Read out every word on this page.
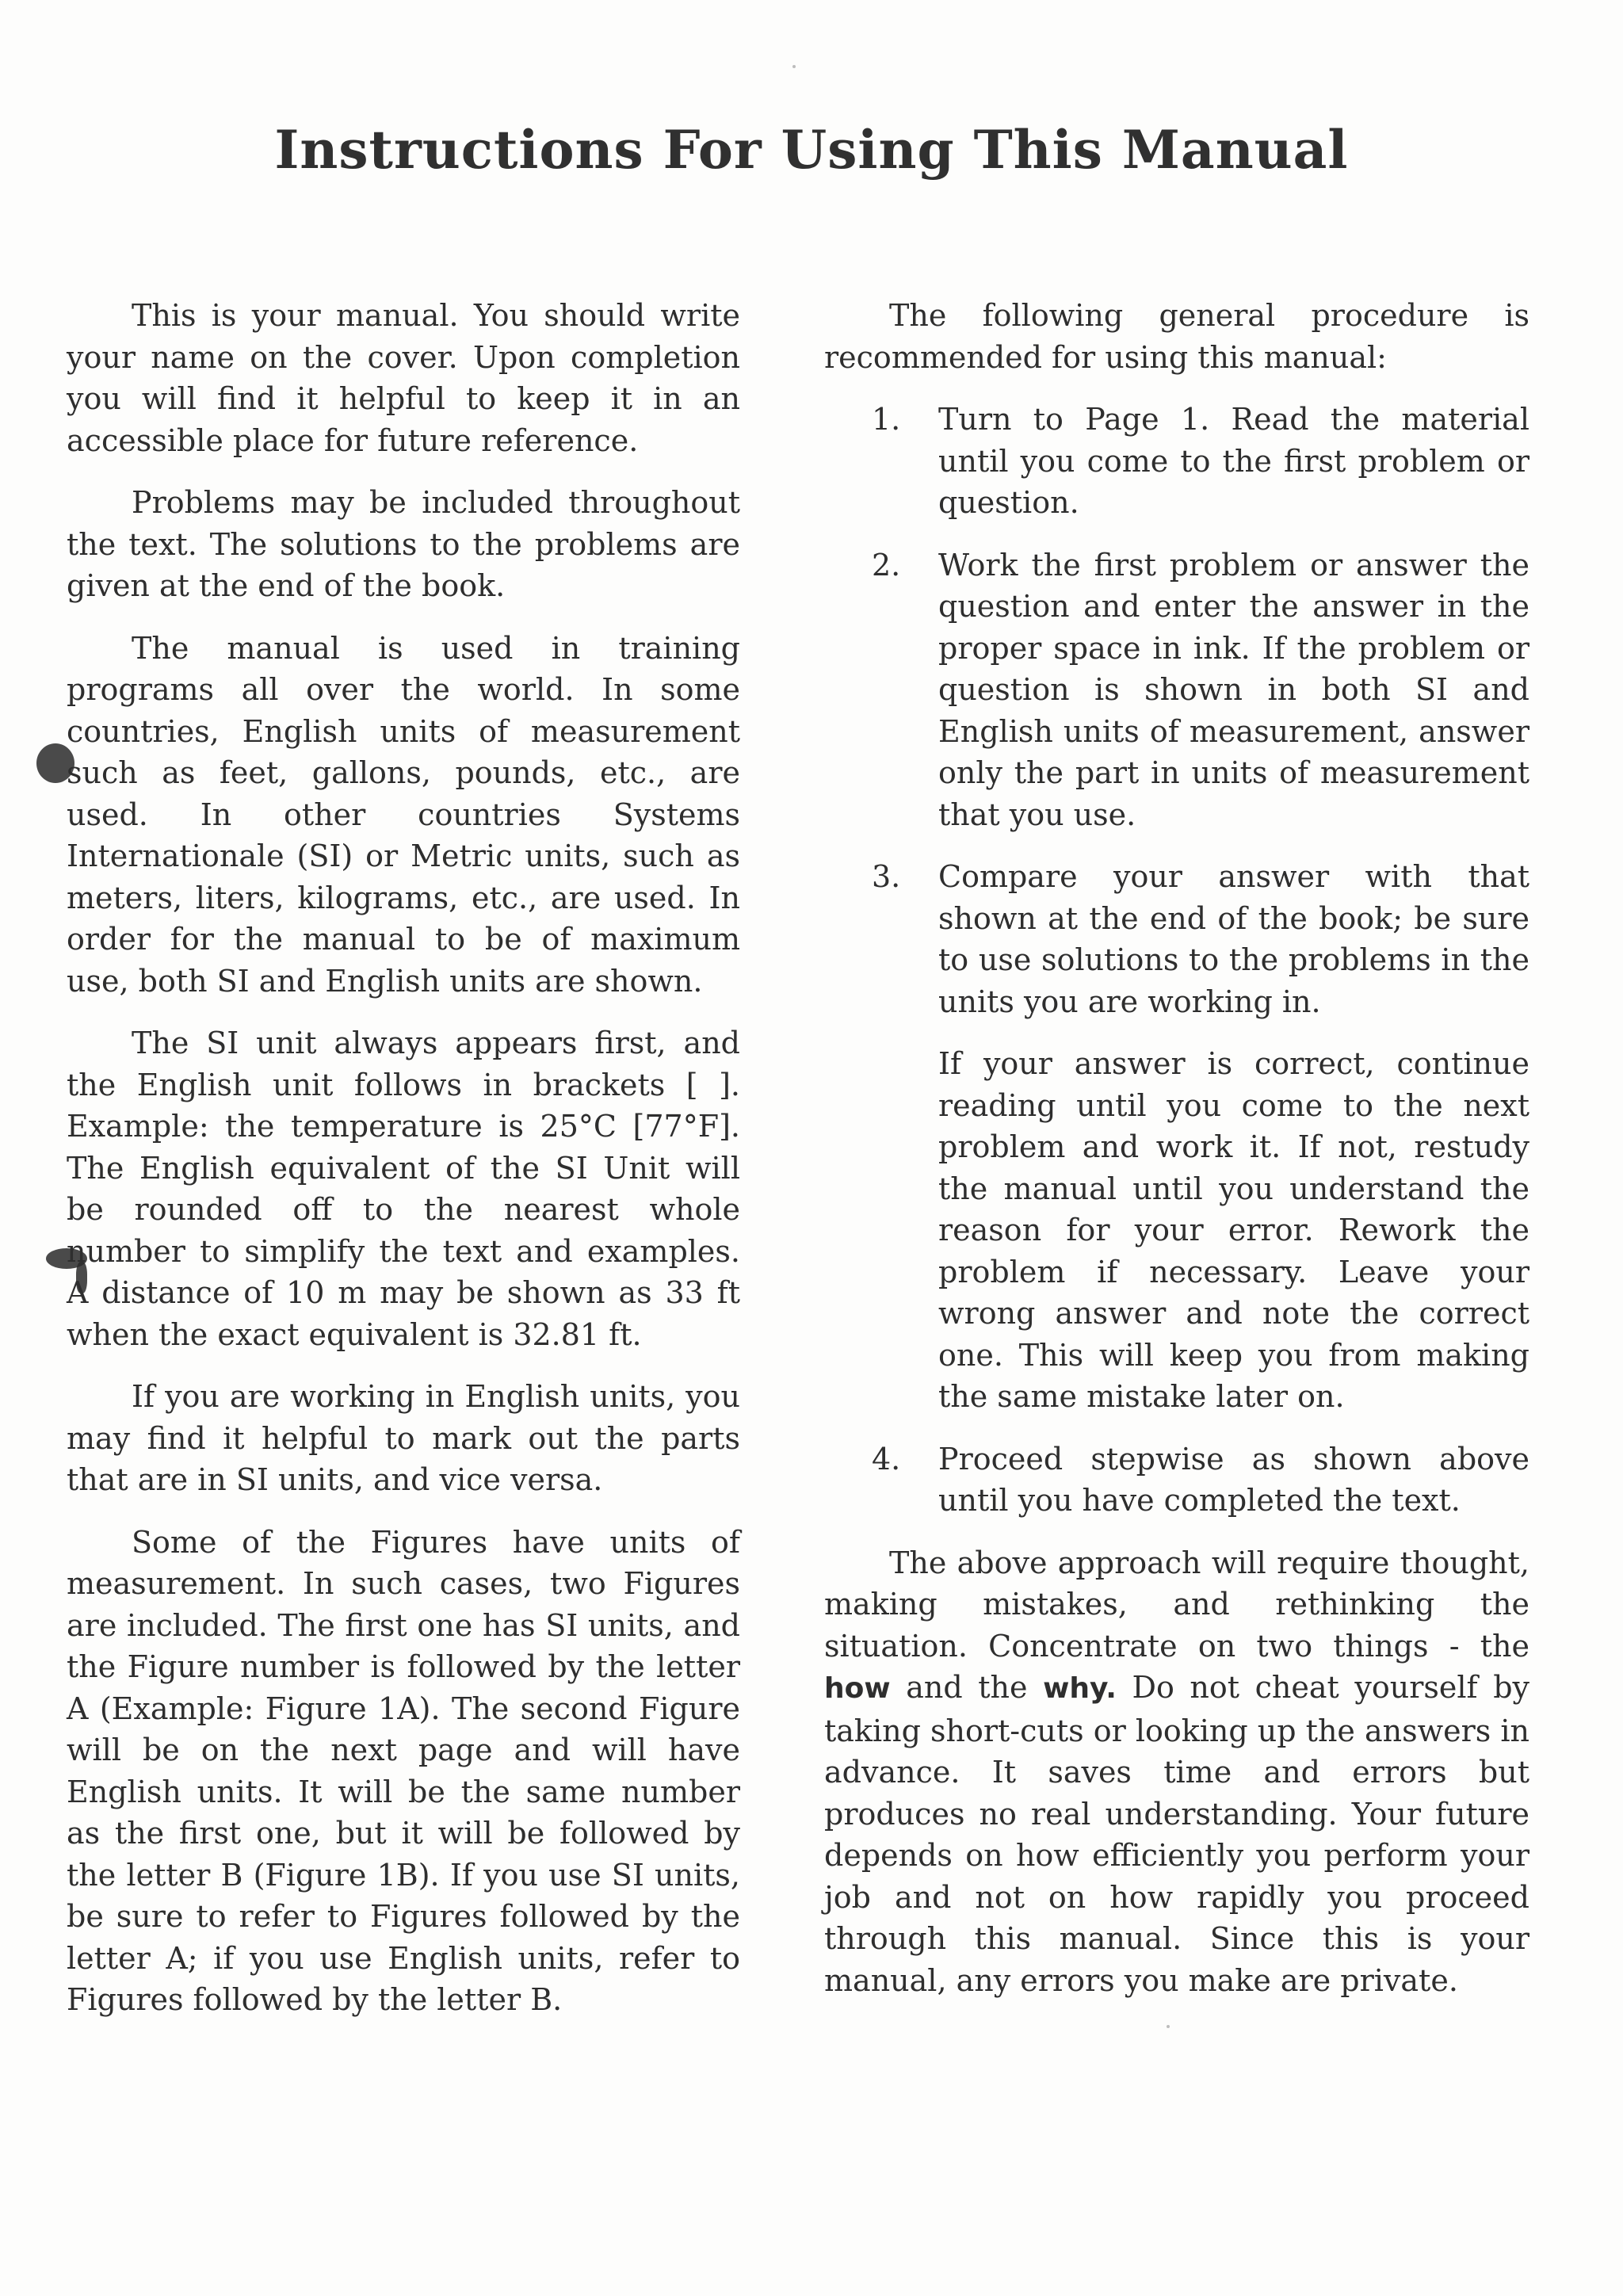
Instructions For Using This Manual

This is your manual. You should write your name on the cover. Upon completion you will find it helpful to keep it in an accessible place for future reference.

Problems may be included throughout the text. The solutions to the problems are given at the end of the book.

The manual is used in training programs all over the world. In some countries, English units of measurement such as feet, gallons, pounds, etc., are used. In other countries Systems Internationale (SI) or Metric units, such as meters, liters, kilograms, etc., are used. In order for the manual to be of maximum use, both SI and English units are shown.

The SI unit always appears first, and the English unit follows in brackets [ ]. Example: the temperature is 25°C [77°F]. The English equivalent of the SI Unit will be rounded off to the nearest whole number to simplify the text and examples. A distance of 10 m may be shown as 33 ft when the exact equivalent is 32.81 ft.

If you are working in English units, you may find it helpful to mark out the parts that are in SI units, and vice versa.

Some of the Figures have units of measurement. In such cases, two Figures are included. The first one has SI units, and the Figure number is followed by the letter A (Example: Figure 1A). The second Figure will be on the next page and will have English units. It will be the same number as the first one, but it will be followed by the letter B (Figure 1B). If you use SI units, be sure to refer to Figures followed by the letter A; if you use English units, refer to Figures followed by the letter B.

The following general procedure is recommended for using this manual:

1.	Turn to Page 1. Read the material until you come to the first problem or question.
2.	Work the first problem or answer the question and enter the answer in the proper space in ink. If the problem or question is shown in both SI and English units of measurement, answer only the part in units of measurement that you use.
3.	Compare your answer with that shown at the end of the book; be sure to use solutions to the problems in the units you are working in.
If your answer is correct, continue reading until you come to the next problem and work it. If not, restudy the manual until you understand the reason for your error. Rework the problem if necessary. Leave your wrong answer and note the correct one. This will keep you from making the same mistake later on.
4.	Proceed stepwise as shown above until you have completed the text.

The above approach will require thought, making mistakes, and rethinking the situation. Concentrate on two things - the how and the why. Do not cheat yourself by taking short-cuts or looking up the answers in advance. It saves time and errors but produces no real understanding. Your future depends on how efficiently you perform your job and not on how rapidly you proceed through this manual. Since this is your manual, any errors you make are private.
